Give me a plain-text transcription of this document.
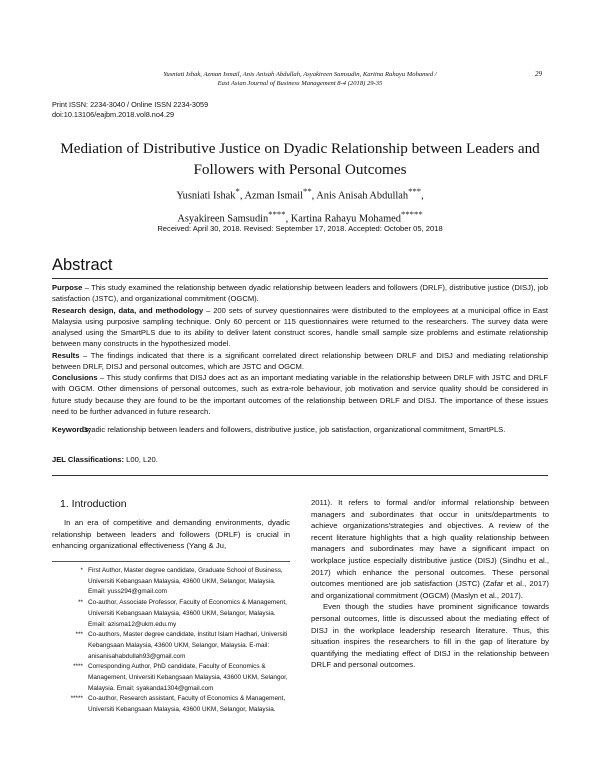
Yusniati Ishak, Azman Ismail, Anis Anisah Abdullah, Asyakireen Samsudin, Kartina Rahayu Mohamed /
East Asian Journal of Business Management 8-4 (2018) 29-35
29
Print ISSN: 2234-3040 / Online ISSN 2234-3059
doi:10.13106/eajbm.2018.vol8.no4.29
Mediation of Distributive Justice on Dyadic Relationship between Leaders and
Followers with Personal Outcomes
Yusniati Ishak*, Azman Ismail**, Anis Anisah Abdullah***,
Asyakireen Samsudin****, Kartina Rahayu Mohamed*****
Received: April 30, 2018. Revised: September 17, 2018. Accepted: October 05, 2018
Abstract
Purpose – This study examined the relationship between dyadic relationship between leaders and followers (DRLF), distributive justice (DISJ), job satisfaction (JSTC), and organizational commitment (OGCM).
Research design, data, and methodology – 200 sets of survey questionnaires were distributed to the employees at a municipal office in East Malaysia using purposive sampling technique. Only 60 percent or 115 questionnaires were returned to the researchers. The survey data were analysed using the SmartPLS due to its ability to deliver latent construct scores, handle small sample size problems and estimate relationship between many constructs in the hypothesized model.
Results – The findings indicated that there is a significant correlated direct relationship between DRLF and DISJ and mediating relationship between DRLF, DISJ and personal outcomes, which are JSTC and OGCM.
Conclusions – This study confirms that DISJ does act as an important mediating variable in the relationship between DRLF with JSTC and DRLF with OGCM. Other dimensions of personal outcomes, such as extra-role behaviour, job motivation and service quality should be considered in future study because they are found to be the important outcomes of the relationship between DRLF and DISJ. The importance of these issues need to be further advanced in future research.
Keywords:
Dyadic relationship between leaders and followers, distributive justice, job satisfaction, organizational commitment, SmartPLS.
JEL Classifications: L00, L20.
1. Introduction
In an era of competitive and demanding environments, dyadic relationship between leaders and followers (DRLF) is crucial in enhancing organizational effectiveness (Yang & Ju,

2011). It refers to formal and/or informal relationship between managers and subordinates that occur in units/departments to achieve organizations'strategies and objectives. A review of the recent literature highlights that a high quality relationship between managers and subordinates may have a significant impact on workplace justice especially distributive justice (DISJ) (Sindhu et al., 2017) which enhance the personal outcomes. These personal outcomes mentioned are job satisfaction (JSTC) (Zafar et al., 2017) and organizational commitment (OGCM) (Maslyn et al., 2017).

Even though the studies have prominent significance towards personal outcomes, little is discussed about the mediating effect of DISJ in the workplace leadership research literature. Thus, this situation inspires the researchers to fill in the gap of literature by quantifying the mediating effect of DISJ in the relationship between DRLF and personal outcomes.

* First Author, Master degree candidate, Graduate School of Business, Universiti Kebangsaan Malaysia, 43600 UKM, Selangor, Malaysia. Email: yuss294@gmail.com
** Co-author, Associate Professor, Faculty of Economics & Management, Universiti Kebangsaan Malaysia, 43600 UKM, Selangor, Malaysia. Email: azisma12@ukm.edu.my
*** Co-authors, Master degree candidate, Institut Islam Hadhari, Universiti Kebangsaan Malaysia, 43600 UKM, Selangor, Malaysia. E-mail: anisanisahabdullah93@gmail.com
**** Corresponding Author, PhD candidate, Faculty of Economics & Management, Universiti Kebangsaan Malaysia, 43600 UKM, Selangor, Malaysia. Email: syakanda1304@gmail.com
***** Co-author, Research assistant, Faculty of Economics & Management, Universiti Kebangsaan Malaysia, 43600 UKM, Selangor, Malaysia.
